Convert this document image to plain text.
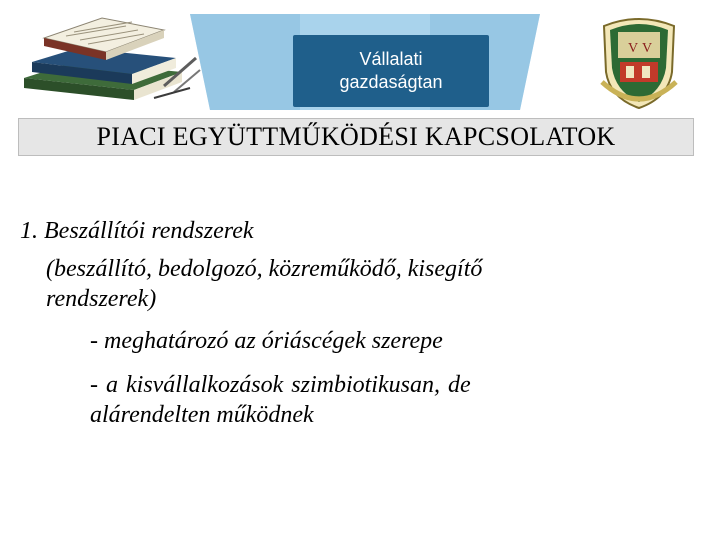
Vállalati
gazdaságtan
V V
PIACI EGYÜTTMŰKÖDÉSI KAPCSOLATOK
1. Beszállítói rendszerek
(beszállító, bedolgozó, közreműködő, kisegítő
rendszerek)
- meghatározó az óriáscégek szerepe
- a kisvállalkozások szimbiotikusan, de
alárendelten működnek
